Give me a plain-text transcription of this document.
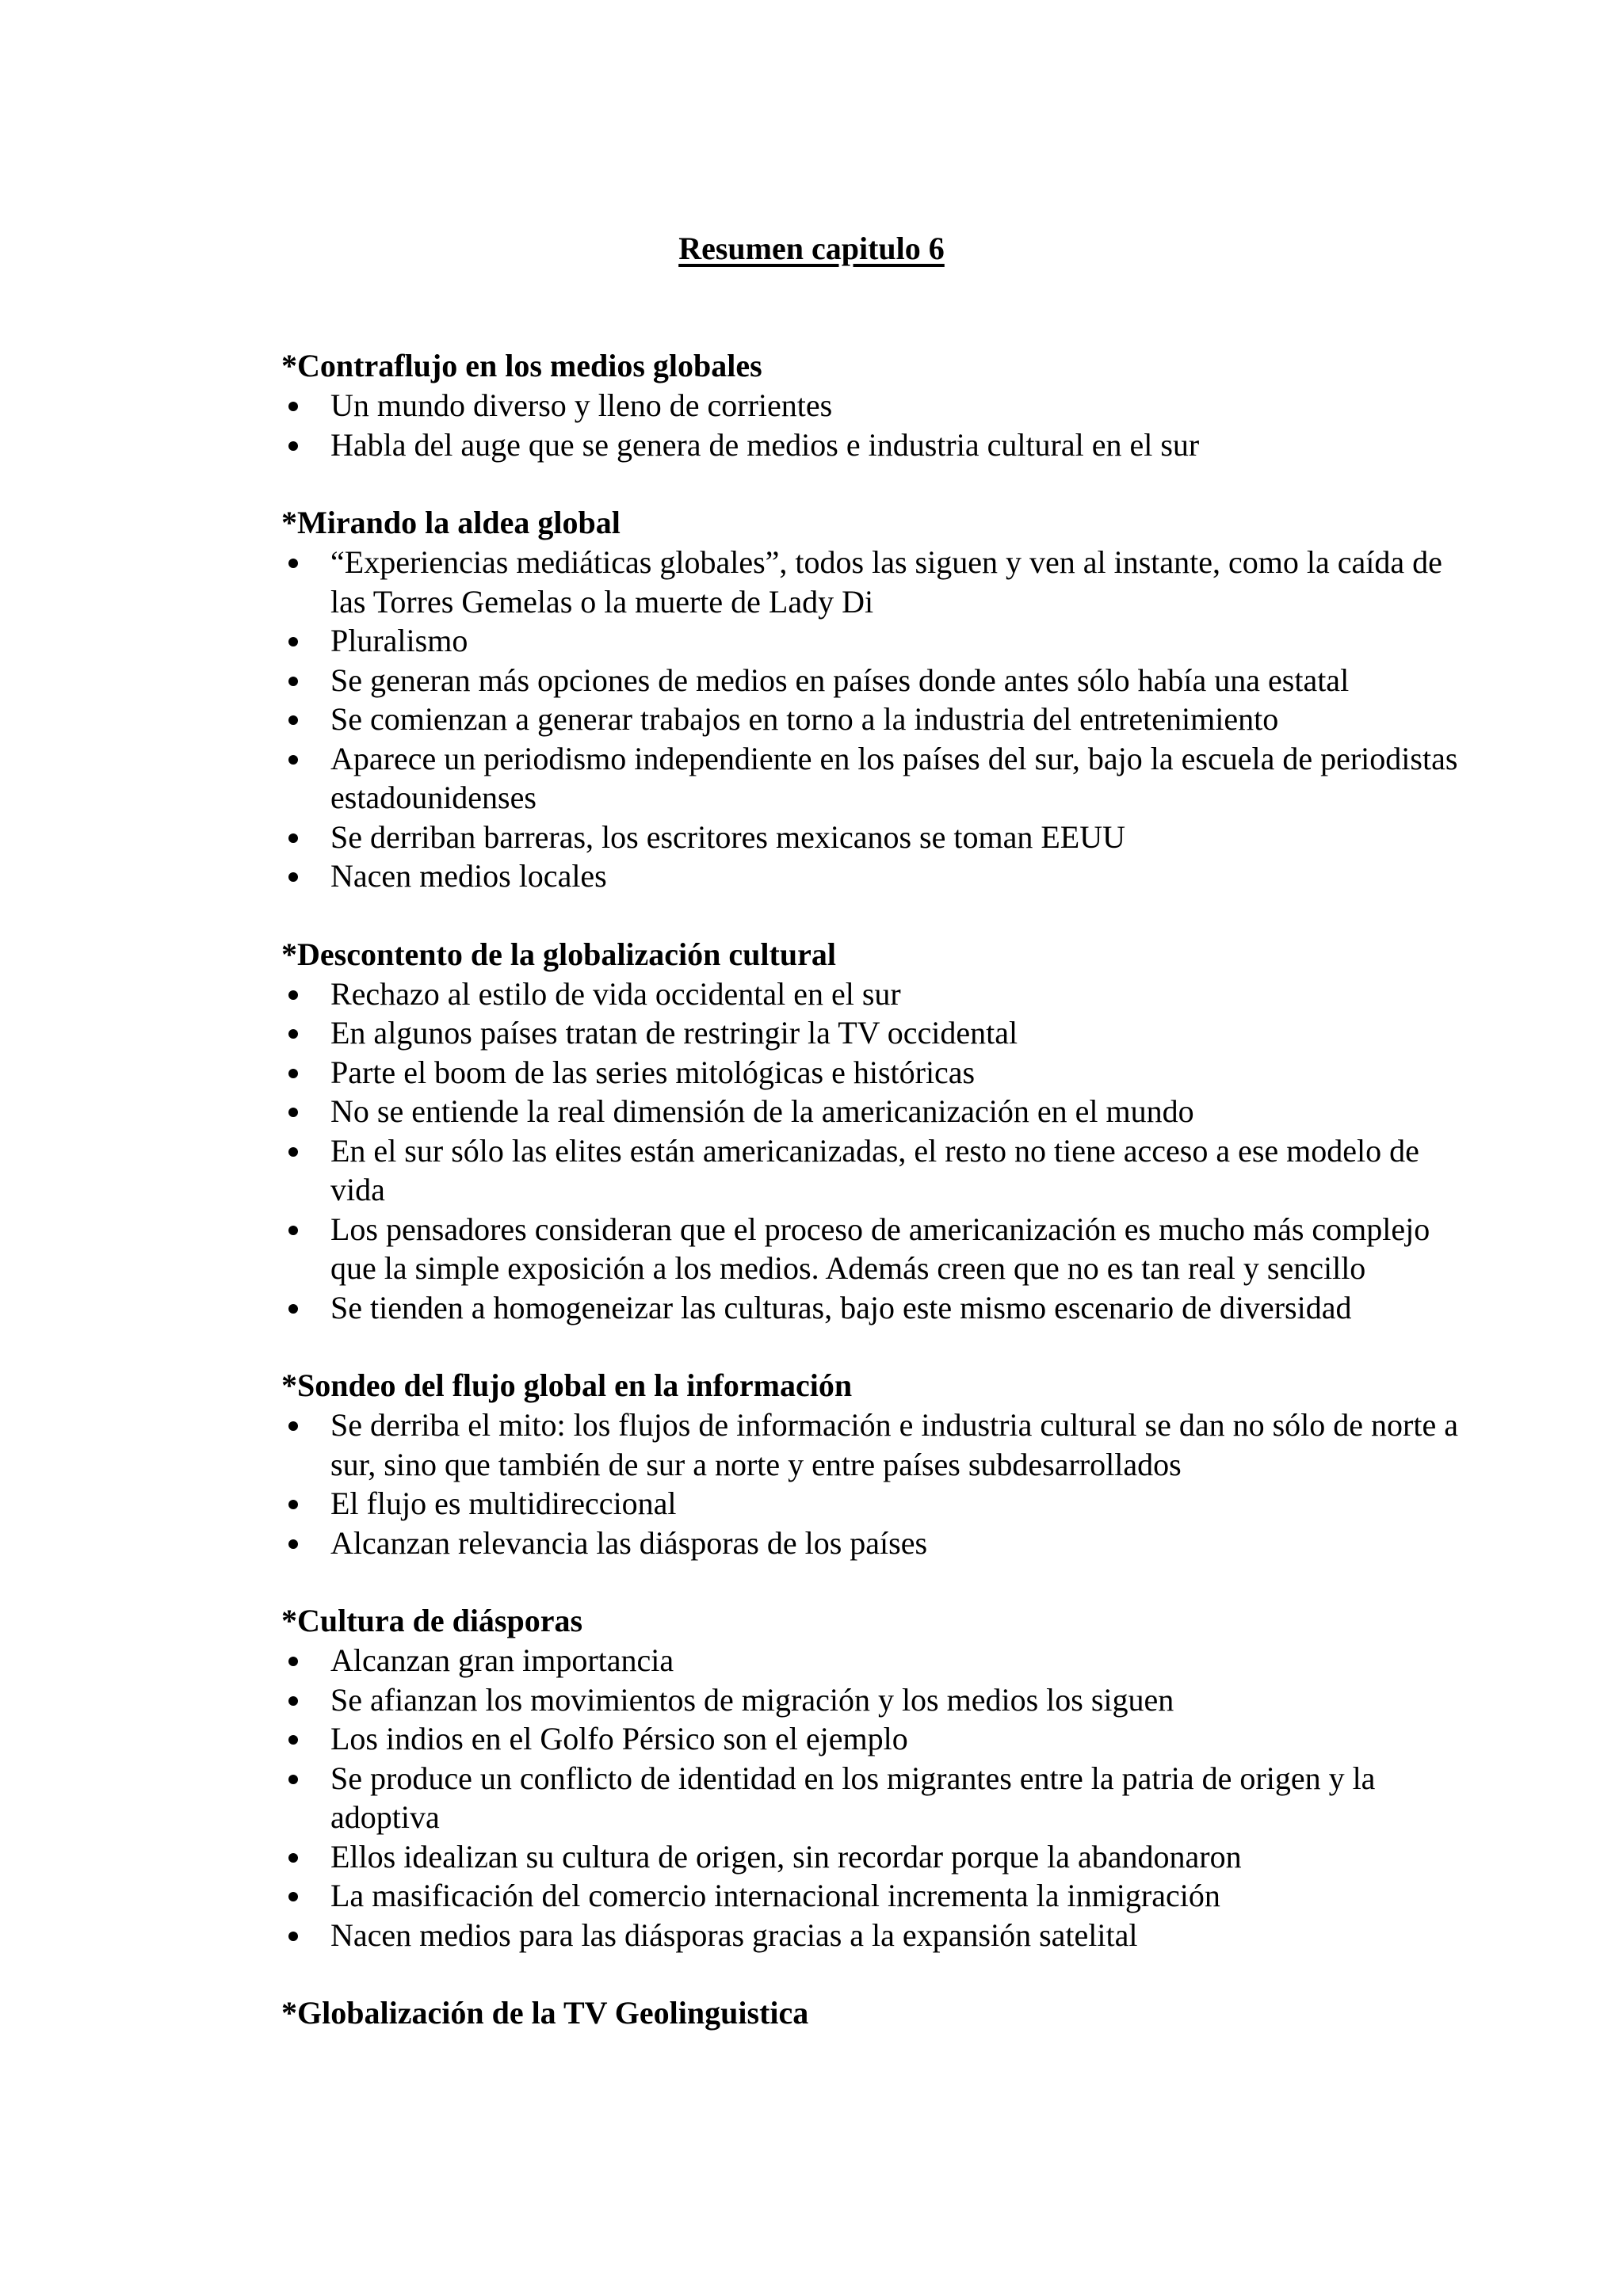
Resumen capitulo 6
*Contraflujo en los medios globales
Un mundo diverso y lleno de corrientes
Habla del auge que se genera de medios e industria cultural en el sur
*Mirando la aldea global
“Experiencias mediáticas globales”, todos las siguen y ven al instante, como la caída de las Torres Gemelas o la muerte de Lady Di
Pluralismo
Se generan más opciones de medios en países donde antes sólo había una estatal
Se comienzan a generar trabajos en torno a la industria del entretenimiento
Aparece un periodismo independiente en los países del sur, bajo la escuela de periodistas estadounidenses
Se derriban barreras, los escritores mexicanos se toman EEUU
Nacen medios locales
*Descontento de la globalización cultural
Rechazo al estilo de vida occidental en el sur
En algunos países tratan de restringir la TV occidental
Parte el boom de las series mitológicas e históricas
No se entiende la real dimensión de la americanización en el mundo
En el sur sólo las elites están americanizadas, el resto no tiene acceso a ese modelo de vida
Los pensadores consideran que el proceso de americanización es mucho más complejo que la simple exposición a los medios. Además creen que no es tan real y sencillo
Se tienden a homogeneizar las culturas, bajo este mismo escenario de diversidad
*Sondeo del flujo global en la información
Se derriba el mito: los flujos de información e industria cultural se dan no sólo de norte a sur, sino que también de sur a norte y entre países subdesarrollados
El flujo es multidireccional
Alcanzan relevancia las diásporas de los países
*Cultura de diásporas
Alcanzan gran importancia
Se afianzan los movimientos de migración y los medios los siguen
Los indios en el Golfo Pérsico son el ejemplo
Se produce un conflicto de identidad en los migrantes entre la patria de origen y la adoptiva
Ellos idealizan su cultura de origen, sin recordar porque la abandonaron
La masificación del comercio internacional incrementa la inmigración
Nacen medios para las diásporas gracias a la expansión satelital
*Globalización de la TV Geolinguistica
